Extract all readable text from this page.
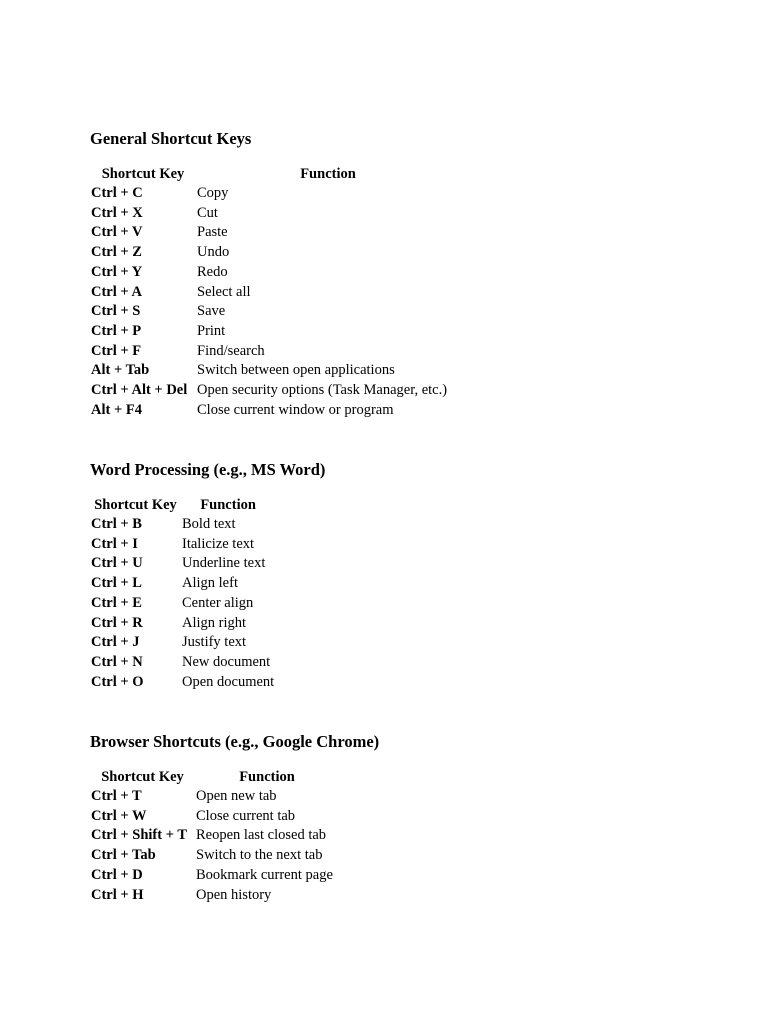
General Shortcut Keys
Shortcut Key	Function
Ctrl + C	Copy
Ctrl + X	Cut
Ctrl + V	Paste
Ctrl + Z	Undo
Ctrl + Y	Redo
Ctrl + A	Select all
Ctrl + S	Save
Ctrl + P	Print
Ctrl + F	Find/search
Alt + Tab	Switch between open applications
Ctrl + Alt + Del	Open security options (Task Manager, etc.)
Alt + F4	Close current window or program
Word Processing (e.g., MS Word)
Shortcut Key	Function
Ctrl + B	Bold text
Ctrl + I	Italicize text
Ctrl + U	Underline text
Ctrl + L	Align left
Ctrl + E	Center align
Ctrl + R	Align right
Ctrl + J	Justify text
Ctrl + N	New document
Ctrl + O	Open document
Browser Shortcuts (e.g., Google Chrome)
Shortcut Key	Function
Ctrl + T	Open new tab
Ctrl + W	Close current tab
Ctrl + Shift + T	Reopen last closed tab
Ctrl + Tab	Switch to the next tab
Ctrl + D	Bookmark current page
Ctrl + H	Open history
